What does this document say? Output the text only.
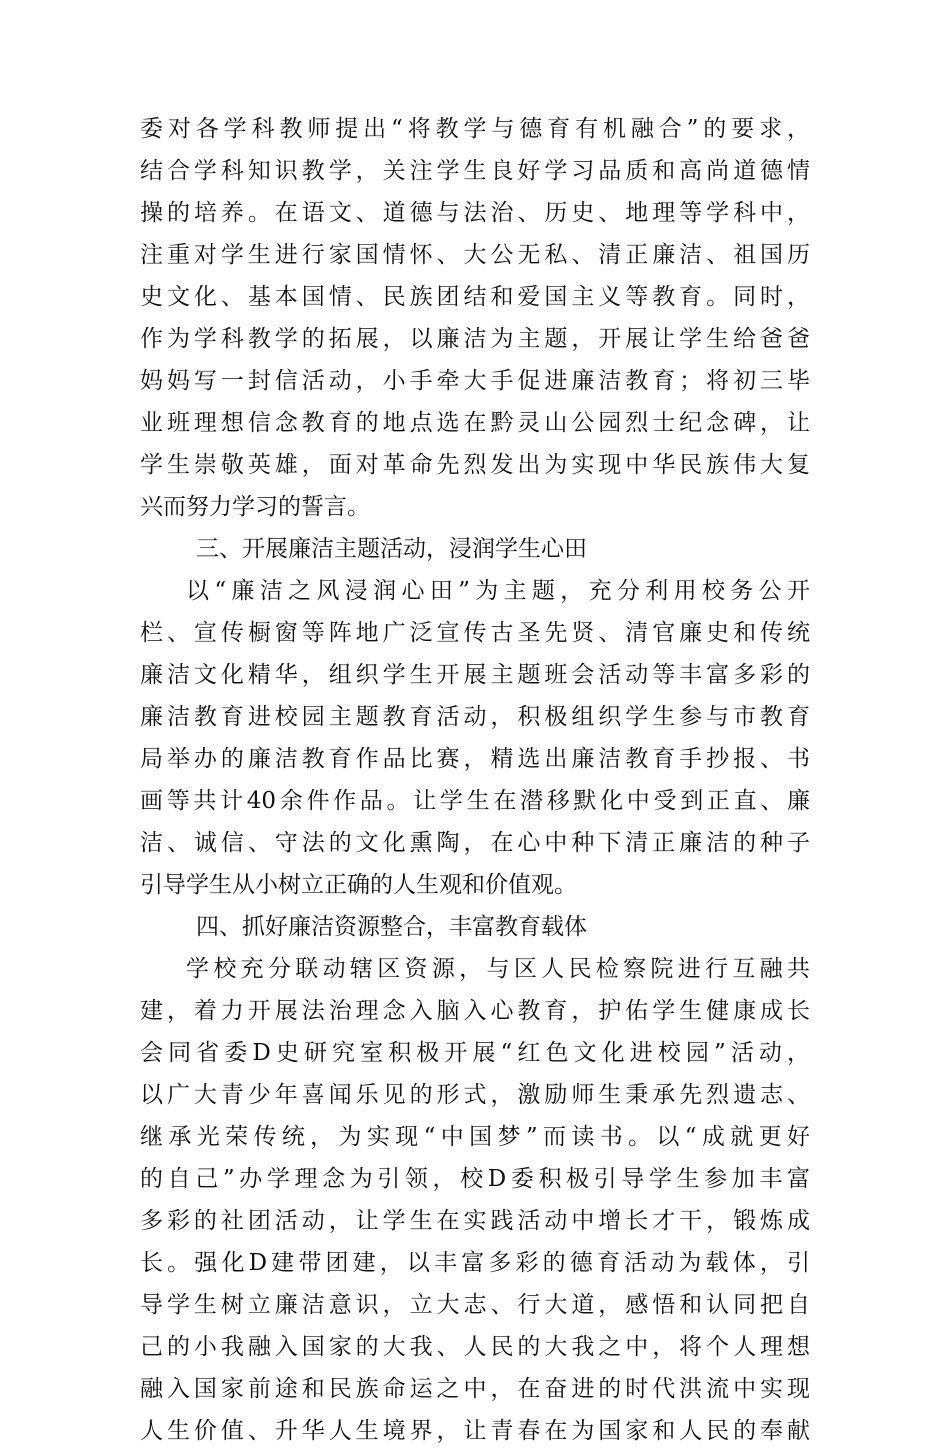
委对各学科教师提出“将教学与德育有机融合”的要求，
结合学科知识教学，关注学生良好学习品质和高尚道德情
操的培养。在语文、道德与法治、历史、地理等学科中，
注重对学生进行家国情怀、大公无私、清正廉洁、祖国历
史文化、基本国情、民族团结和爱国主义等教育。同时，
作为学科教学的拓展，以廉洁为主题，开展让学生给爸爸
妈妈写一封信活动，小手牵大手促进廉洁教育；将初三毕
业班理想信念教育的地点选在黔灵山公园烈士纪念碑，让
学生崇敬英雄，面对革命先烈发出为实现中华民族伟大复
兴而努力学习的誓言。
三、开展廉洁主题活动，浸润学生心田
以“廉洁之风浸润心田”为主题，充分利用校务公开
栏、宣传橱窗等阵地广泛宣传古圣先贤、清官廉史和传统
廉洁文化精华，组织学生开展主题班会活动等丰富多彩的
廉洁教育进校园主题教育活动，积极组织学生参与市教育
局举办的廉洁教育作品比赛，精选出廉洁教育手抄报、书
画等共计40余件作品。让学生在潜移默化中受到正直、廉
洁、诚信、守法的文化熏陶，在心中种下清正廉洁的种子
引导学生从小树立正确的人生观和价值观。
四、抓好廉洁资源整合，丰富教育载体
学校充分联动辖区资源，与区人民检察院进行互融共
建，着力开展法治理念入脑入心教育，护佑学生健康成长
会同省委D史研究室积极开展“红色文化进校园”活动，
以广大青少年喜闻乐见的形式，激励师生秉承先烈遗志、
继承光荣传统，为实现“中国梦”而读书。以“成就更好
的自己”办学理念为引领，校D委积极引导学生参加丰富
多彩的社团活动，让学生在实践活动中增长才干，锻炼成
长。强化D建带团建，以丰富多彩的德育活动为载体，引
导学生树立廉洁意识，立大志、行大道，感悟和认同把自
己的小我融入国家的大我、人民的大我之中，将个人理想
融入国家前途和民族命运之中，在奋进的时代洪流中实现
人生价值、升华人生境界，让青春在为国家和人民的奉献
